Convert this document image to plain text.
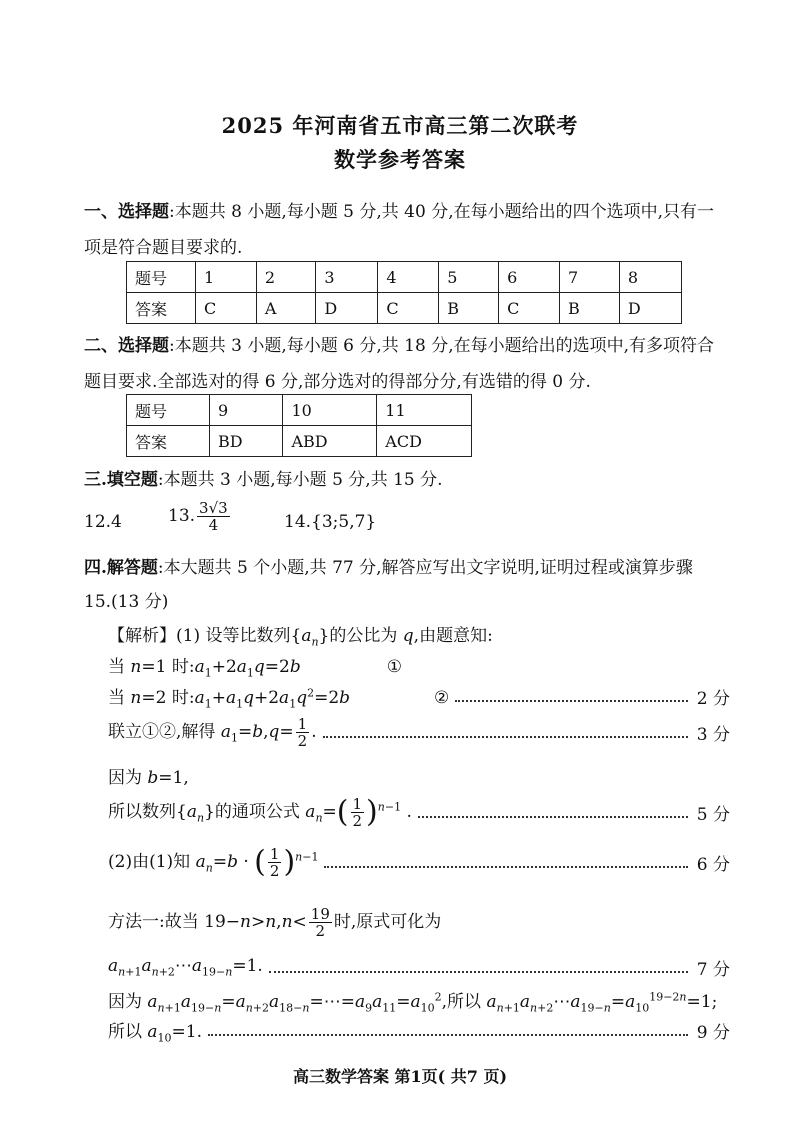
2025 年河南省五市高三第二次联考
数学参考答案
一、选择题:本题共 8 小题,每小题 5 分,共 40 分,在每小题给出的四个选项中,只有一项是符合题目要求的.
题号	1	2	3	4	5	6	7	8
答案	C	A	D	C	B	C	B	D
二、选择题:本题共 3 小题,每小题 6 分,共 18 分,在每小题给出的选项中,有多项符合题目要求.全部选对的得 6 分,部分选对的得部分分,有选错的得 0 分.
题号	9	10	11
答案	BD	ABD	ACD
三.填空题:本题共 3 小题,每小题 5 分,共 15 分.
12.4	13. $\frac{3√3}{4}$	14.{3;5,7}
四.解答题:本大题共 5 个小题,共 77 分,解答应写出文字说明,证明过程或演算步骤
15.(13 分)
【解析】(1) 设等比数列$\{a_n\}$的公比为 q,由题意知:
当 n=1 时$:a_1+2a_1q=2b$	①
当 n=2 时$:a_1+a_1q+2a_1q^2=2b$	②	2 分
联立①②,解得 $a_1=b,q= \frac{1}{2}$ .	3 分
因为 b=1,
所以数列$\{a_n\}$的通项公式 $a_n=( \frac{1}{2} )^{n-1}$ .	5 分
(2)由(1)知 $a_n=b$ · ( $\frac{1}{2} )^{n-1}$	6 分
方法一:故当 $19-n>n,n< \frac{19}{2}$ 时,原式可化为
$a_{n+1}a_{n+2}\cdots a_{19-n}=1$.	7 分
因为 $a_{n+1}a_{19-n}=a_{n+2}a_{18-n}=\cdots=a_9a_{11}=a_{10}^2$,所以 $a_{n+1}a_{n+2}\cdots a_{19-n}=a_{10}^{19-2n}=1$;
所以 $a_{10}=1$.	9 分
高三数学答案 第1页( 共7 页)
